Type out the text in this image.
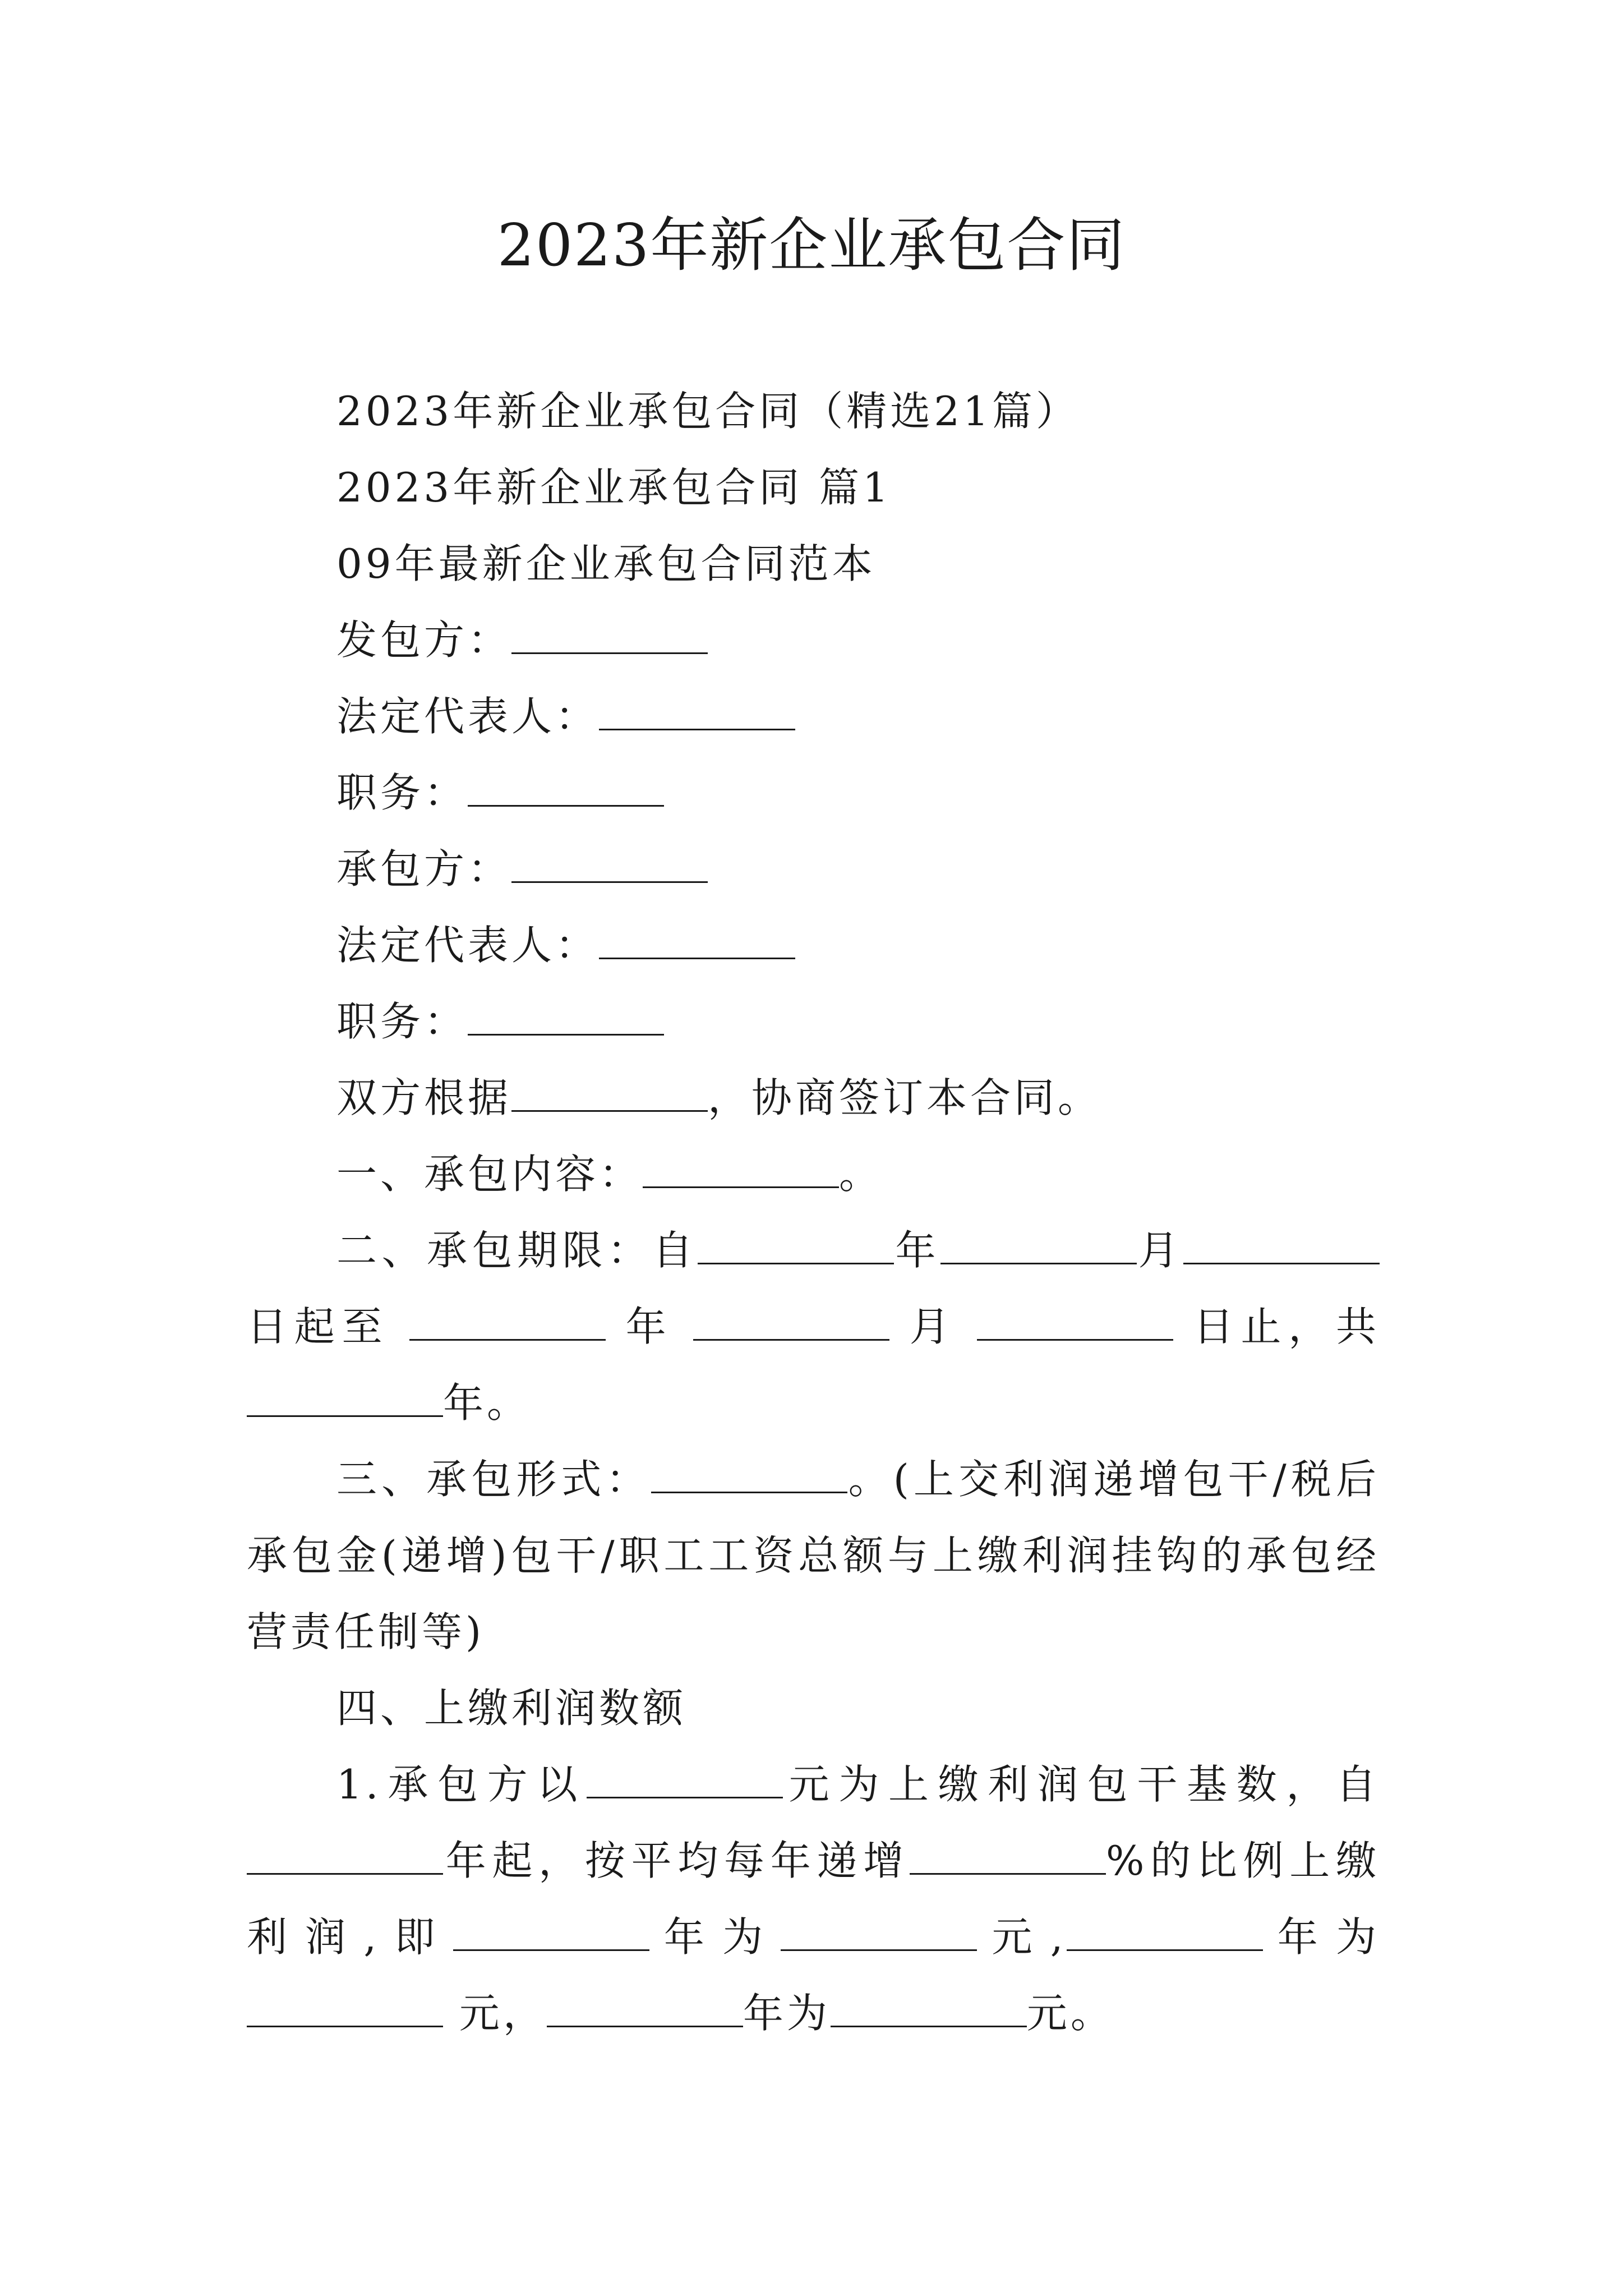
2023年新企业承包合同

2023年新企业承包合同（精选21篇）

2023年新企业承包合同 篇1

09年最新企业承包合同范本

发包方：

法定代表人：

职务：

承包方：

法定代表人：

职务：

双方根据	，协商签订本合同。

一、承包内容：	。

二、承包期限：自	年	月 日起至	年	月	日止，共 年。

三、承包形式：	。(上交利润递增包干/税后承包金(递增)包干/职工工资总额与上缴利润挂钩的承包经营责任制等)

四、上缴利润数额

1.承包方以	元为上缴利润包干基数，自 年起，按平均每年递增	%的比例上缴利润,即	年为	元,	年为 元，	年为	元。
